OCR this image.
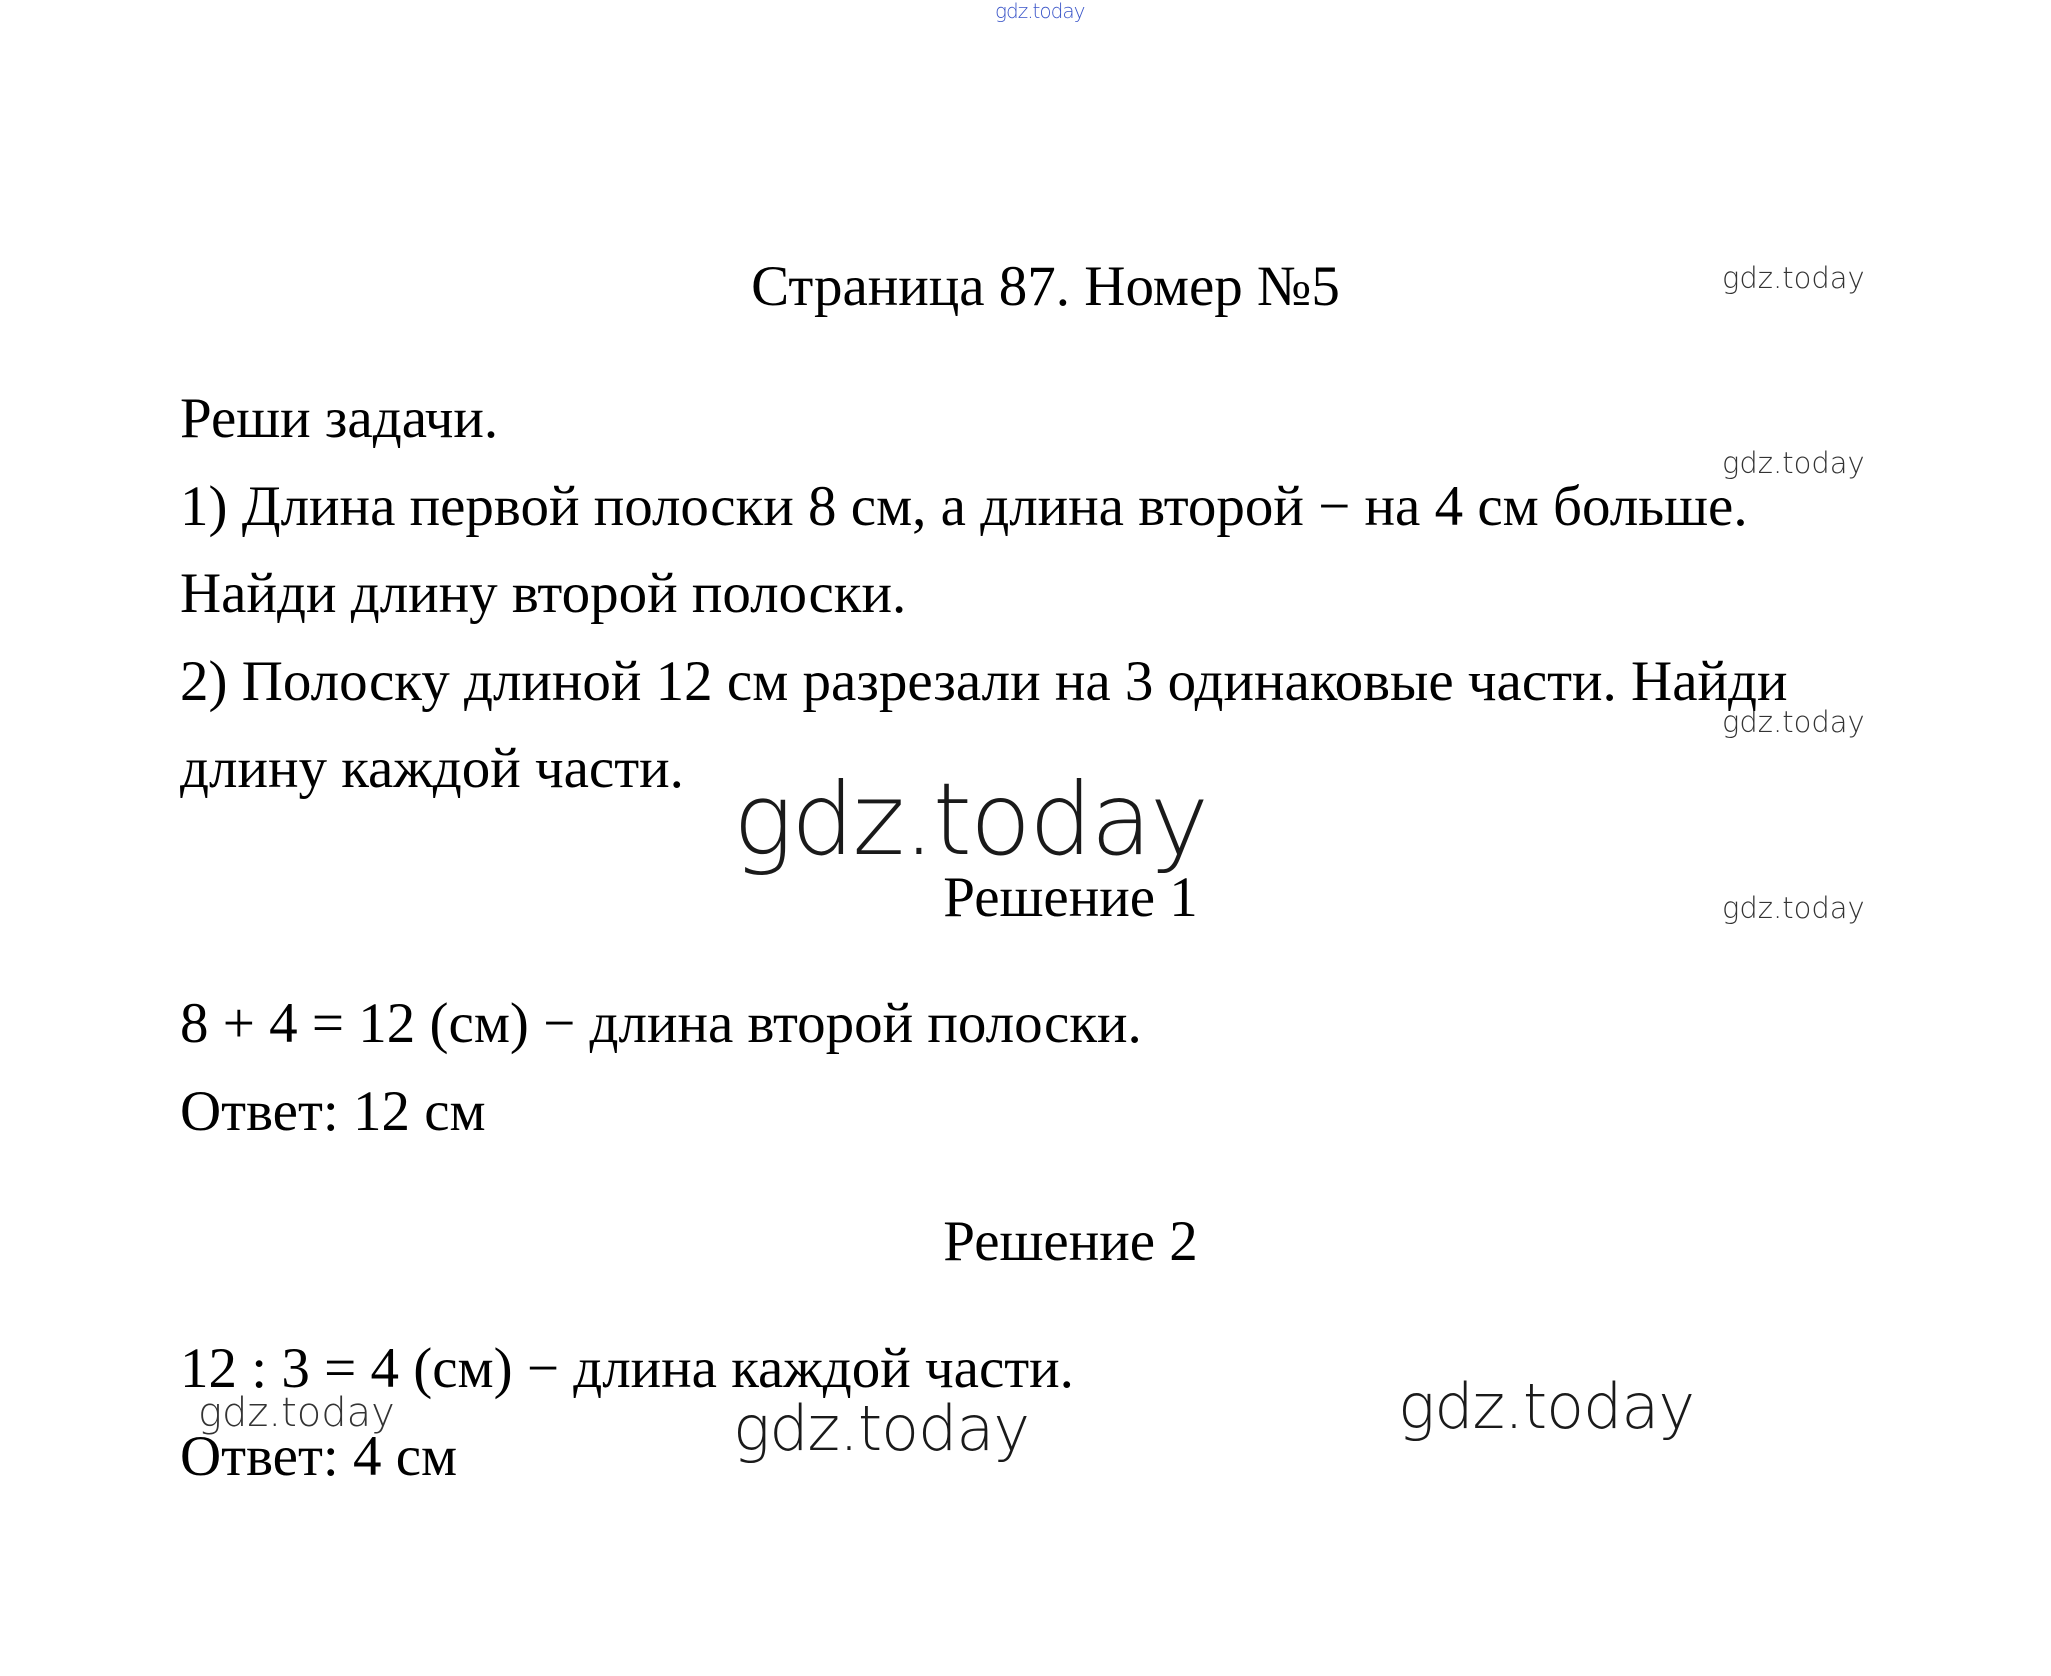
gdz.today
gdz.today
gdz.today
gdz.today
gdz.today
gdz.today
gdz.today	gdz.today	gdz.today
Страница 87. Номер №5
Реши задачи.
1) Длина первой полоски 8 см, а длина второй − на 4 см больше.
Найди длину второй полоски.
2) Полоску длиной 12 см разрезали на 3 одинаковые части. Найди
длину каждой части.
Решение 1
8 + 4 = 12 (см) − длина второй полоски.
Ответ: 12 см
Решение 2
12 : 3 = 4 (см) − длина каждой части.
Ответ: 4 см
